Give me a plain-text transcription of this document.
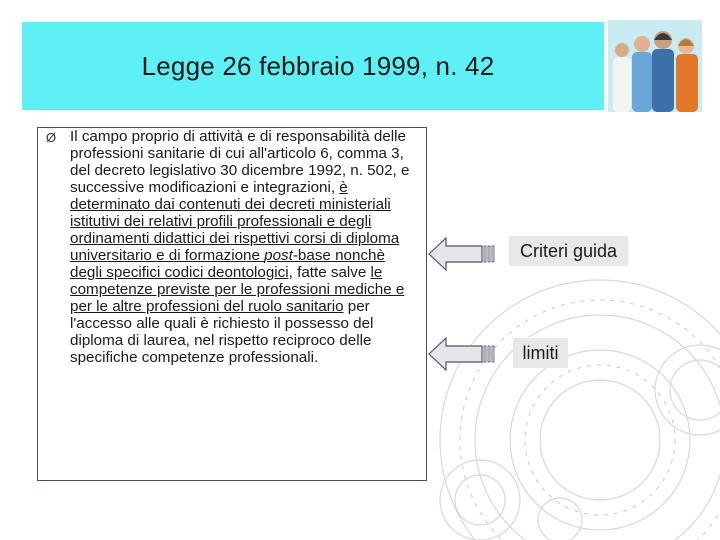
Legge 26 febbraio 1999, n. 42
Ø Il campo proprio di attività e di responsabilità delle professioni sanitarie di cui all'articolo 6, comma 3, del decreto legislativo 30 dicembre 1992, n. 502, e successive modificazioni e integrazioni, è determinato dai contenuti dei decreti ministeriali istitutivi dei relativi profili professionali e degli ordinamenti didattici dei rispettivi corsi di diploma universitario e di formazione post-base nonchè degli specifici codici deontologici, fatte salve le competenze previste per le professioni mediche e per le altre professioni del ruolo sanitario per l'accesso alle quali è richiesto il possesso del diploma di laurea, nel rispetto reciproco delle specifiche competenze professionali.
Criteri guida
limiti
